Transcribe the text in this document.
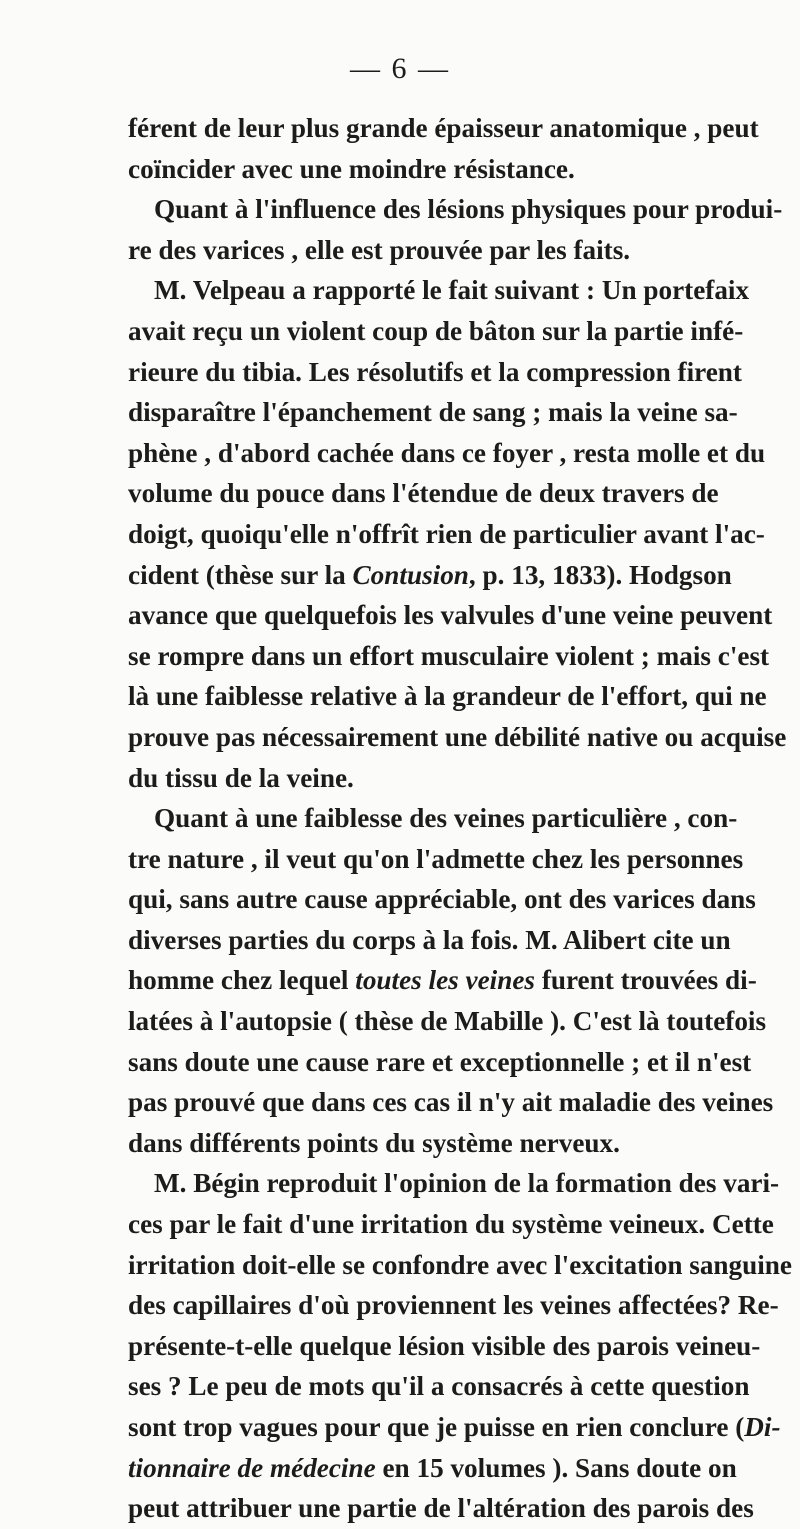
— 6 —
férent de leur plus grande épaisseur anatomique , peut
coïncider avec une moindre résistance.
Quant à l'influence des lésions physiques pour produi-
re des varices , elle est prouvée par les faits.
M. Velpeau a rapporté le fait suivant : Un portefaix
avait reçu un violent coup de bâton sur la partie infé-
rieure du tibia. Les résolutifs et la compression firent
disparaître l'épanchement de sang ; mais la veine sa-
phène , d'abord cachée dans ce foyer , resta molle et du
volume du pouce dans l'étendue de deux travers de
doigt, quoiqu'elle n'offrît rien de particulier avant l'ac-
cident (thèse sur la Contusion, p. 13, 1833). Hodgson
avance que quelquefois les valvules d'une veine peuvent
se rompre dans un effort musculaire violent ; mais c'est
là une faiblesse relative à la grandeur de l'effort, qui ne
prouve pas nécessairement une débilité native ou acquise
du tissu de la veine.
Quant à une faiblesse des veines particulière , con-
tre nature , il veut qu'on l'admette chez les personnes
qui, sans autre cause appréciable, ont des varices dans
diverses parties du corps à la fois. M. Alibert cite un
homme chez lequel toutes les veines furent trouvées di-
latées à l'autopsie ( thèse de Mabille ). C'est là toutefois
sans doute une cause rare et exceptionnelle ; et il n'est
pas prouvé que dans ces cas il n'y ait maladie des veines
dans différents points du système nerveux.
M. Bégin reproduit l'opinion de la formation des vari-
ces par le fait d'une irritation du système veineux. Cette
irritation doit-elle se confondre avec l'excitation sanguine
des capillaires d'où proviennent les veines affectées? Re-
présente-t-elle quelque lésion visible des parois veineu-
ses ? Le peu de mots qu'il a consacrés à cette question
sont trop vagues pour que je puisse en rien conclure (Di-
tionnaire de médecine en 15 volumes ). Sans doute on
peut attribuer une partie de l'altération des parois des
